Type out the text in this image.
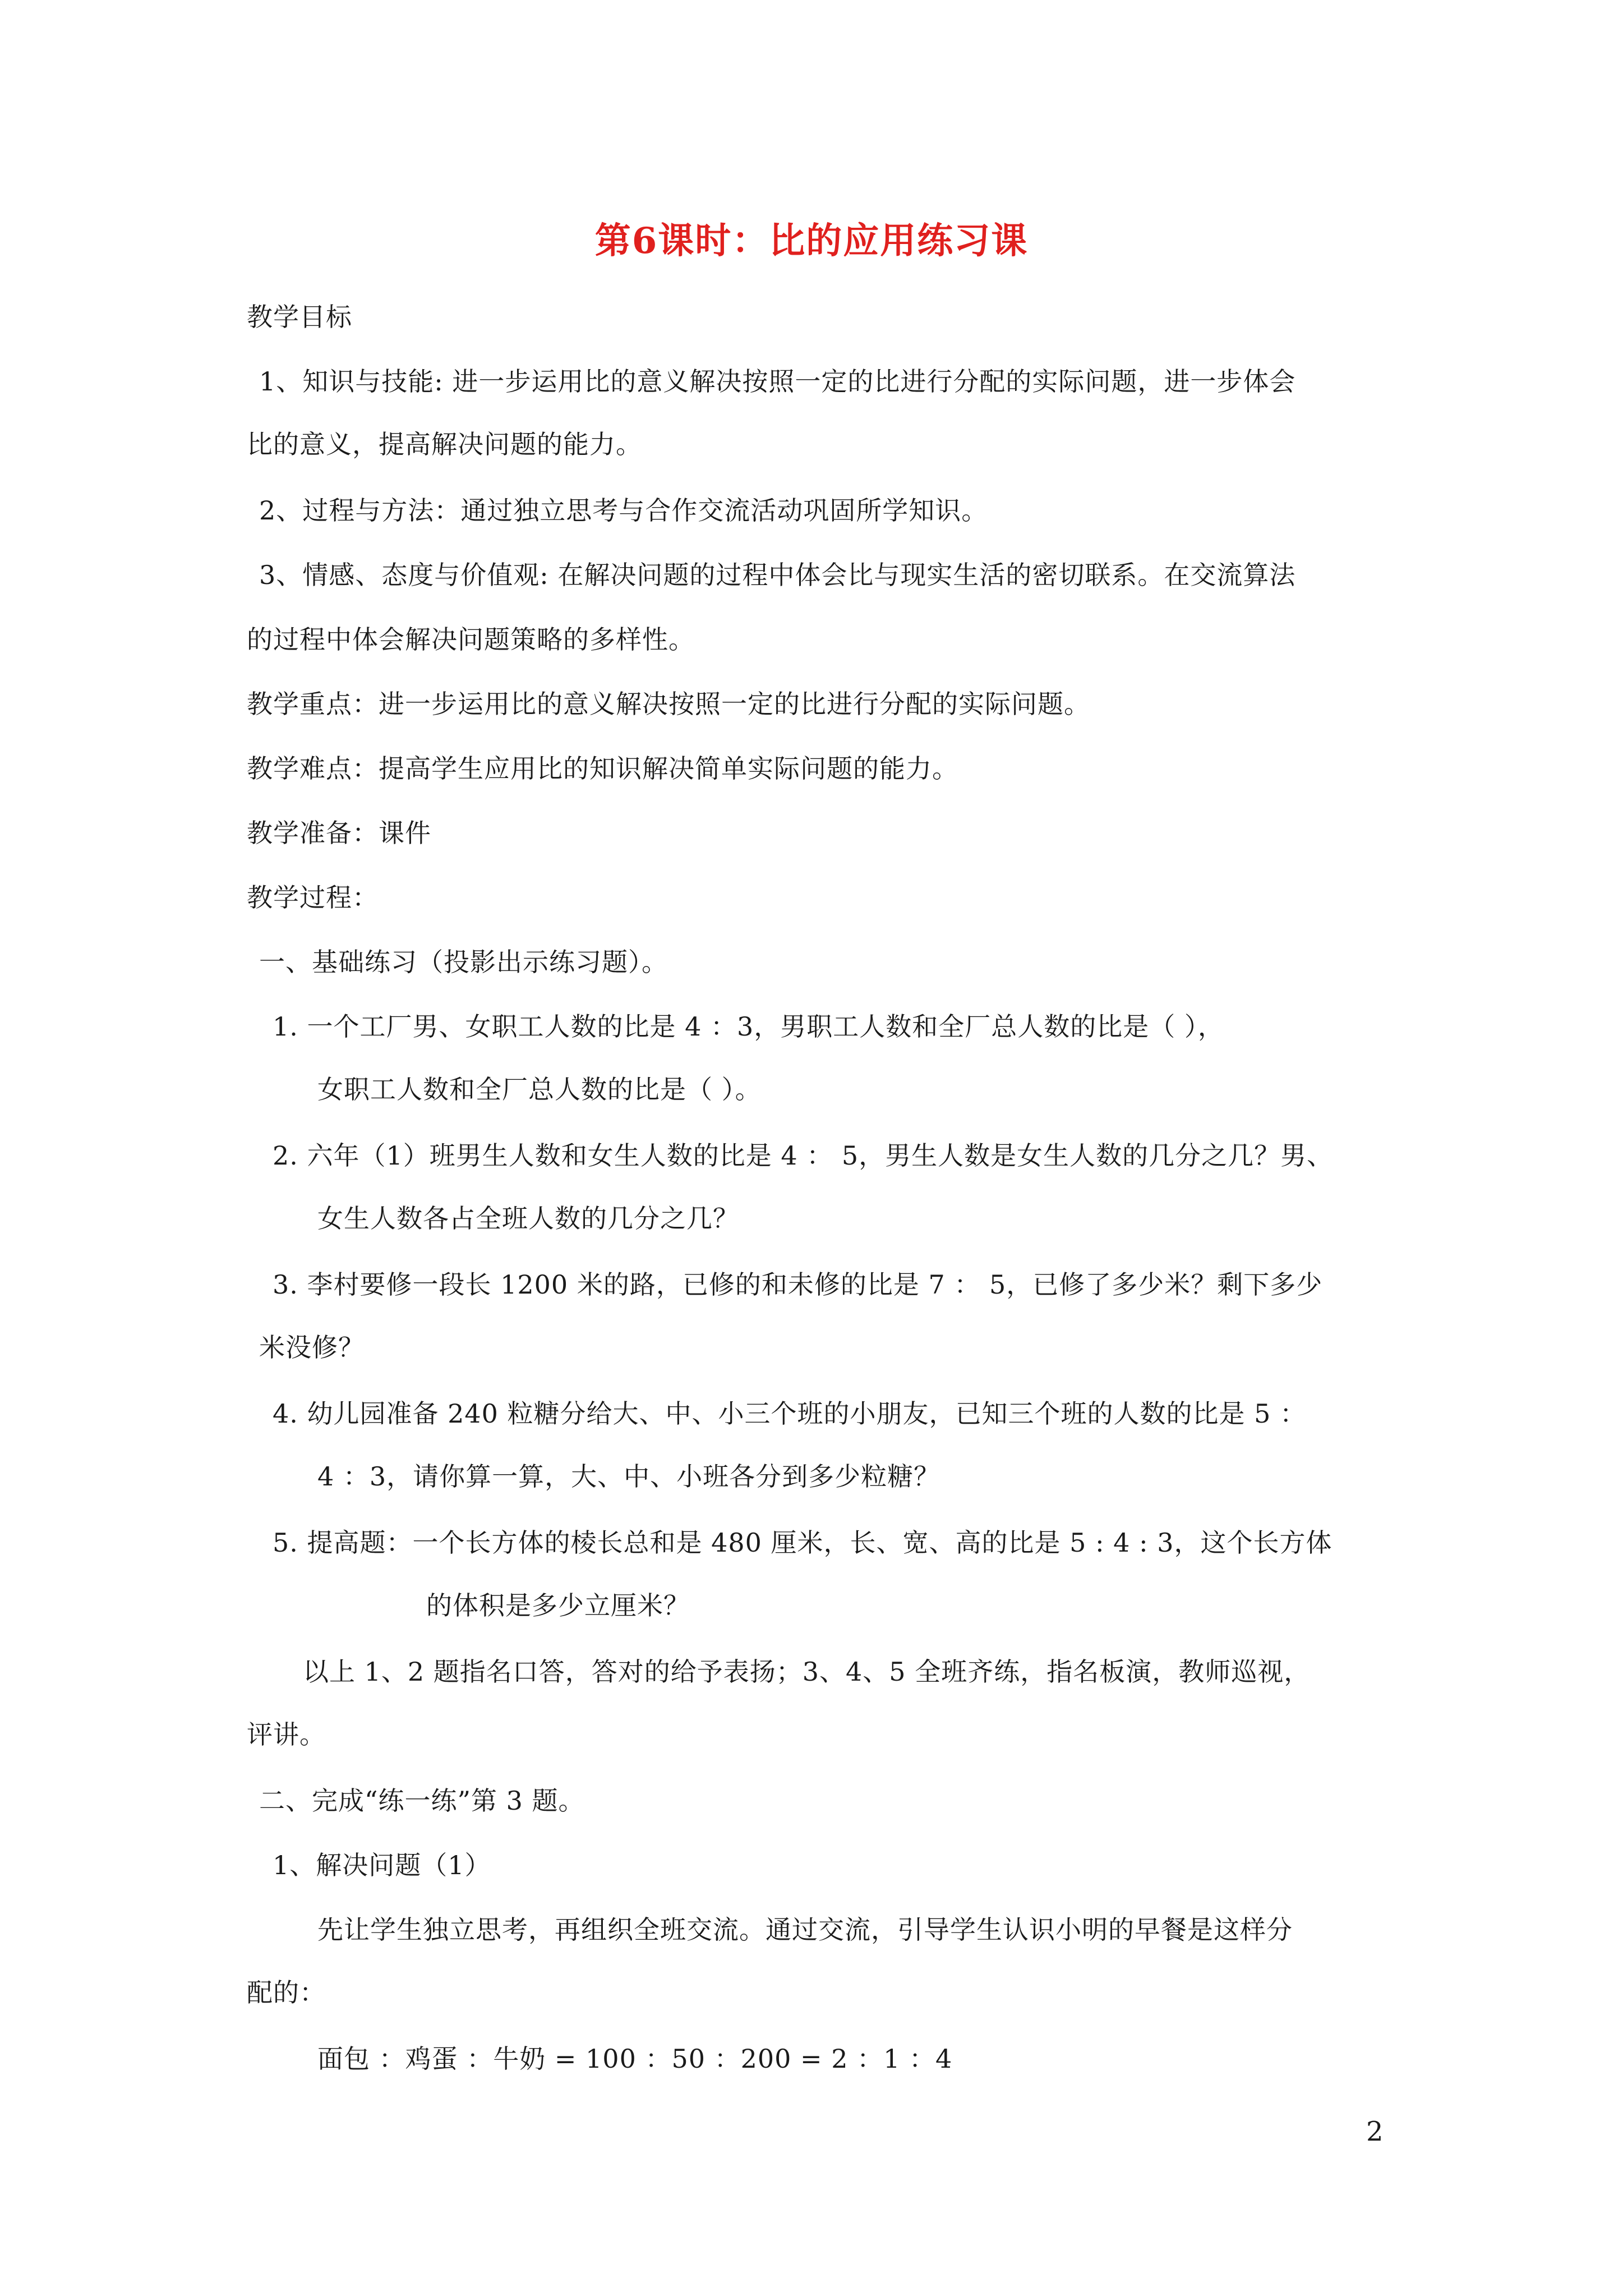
第6课时：比的应用练习课
教学目标
1、知识与技能: 进一步运用比的意义解决按照一定的比进行分配的实际问题，进一步体会
比的意义，提高解决问题的能力。
2、过程与方法：通过独立思考与合作交流活动巩固所学知识。
3、情感、态度与价值观: 在解决问题的过程中体会比与现实生活的密切联系。在交流算法
的过程中体会解决问题策略的多样性。
教学重点：进一步运用比的意义解决按照一定的比进行分配的实际问题。
教学难点：提高学生应用比的知识解决简单实际问题的能力。
教学准备：课件
教学过程：
一、基础练习（投影出示练习题）。
1. 一个工厂男、女职工人数的比是 4 ：3，男职工人数和全厂总人数的比是（ ），
女职工人数和全厂总人数的比是（ ）。
2. 六年（1）班男生人数和女生人数的比是 4 ： 5，男生人数是女生人数的几分之几？男、
女生人数各占全班人数的几分之几？
3. 李村要修一段长 1200 米的路，已修的和未修的比是 7 ： 5，已修了多少米？剩下多少
米没修？
4. 幼儿园准备 240 粒糖分给大、中、小三个班的小朋友，已知三个班的人数的比是 5 ：
4 ：3，请你算一算，大、中、小班各分到多少粒糖？
5. 提高题：一个长方体的棱长总和是 480 厘米，长、宽、高的比是 5 : 4 : 3，这个长方体
的体积是多少立厘米？
以上 1、2 题指名口答，答对的给予表扬；3、4、5 全班齐练，指名板演，教师巡视，
评讲。
二、完成“练一练”第 3 题。
1、解决问题（1）
先让学生独立思考，再组织全班交流。通过交流，引导学生认识小明的早餐是这样分
配的：
面包 ：鸡蛋 ：牛奶 = 100 ：50 ：200 = 2 ：1 ：4
2
